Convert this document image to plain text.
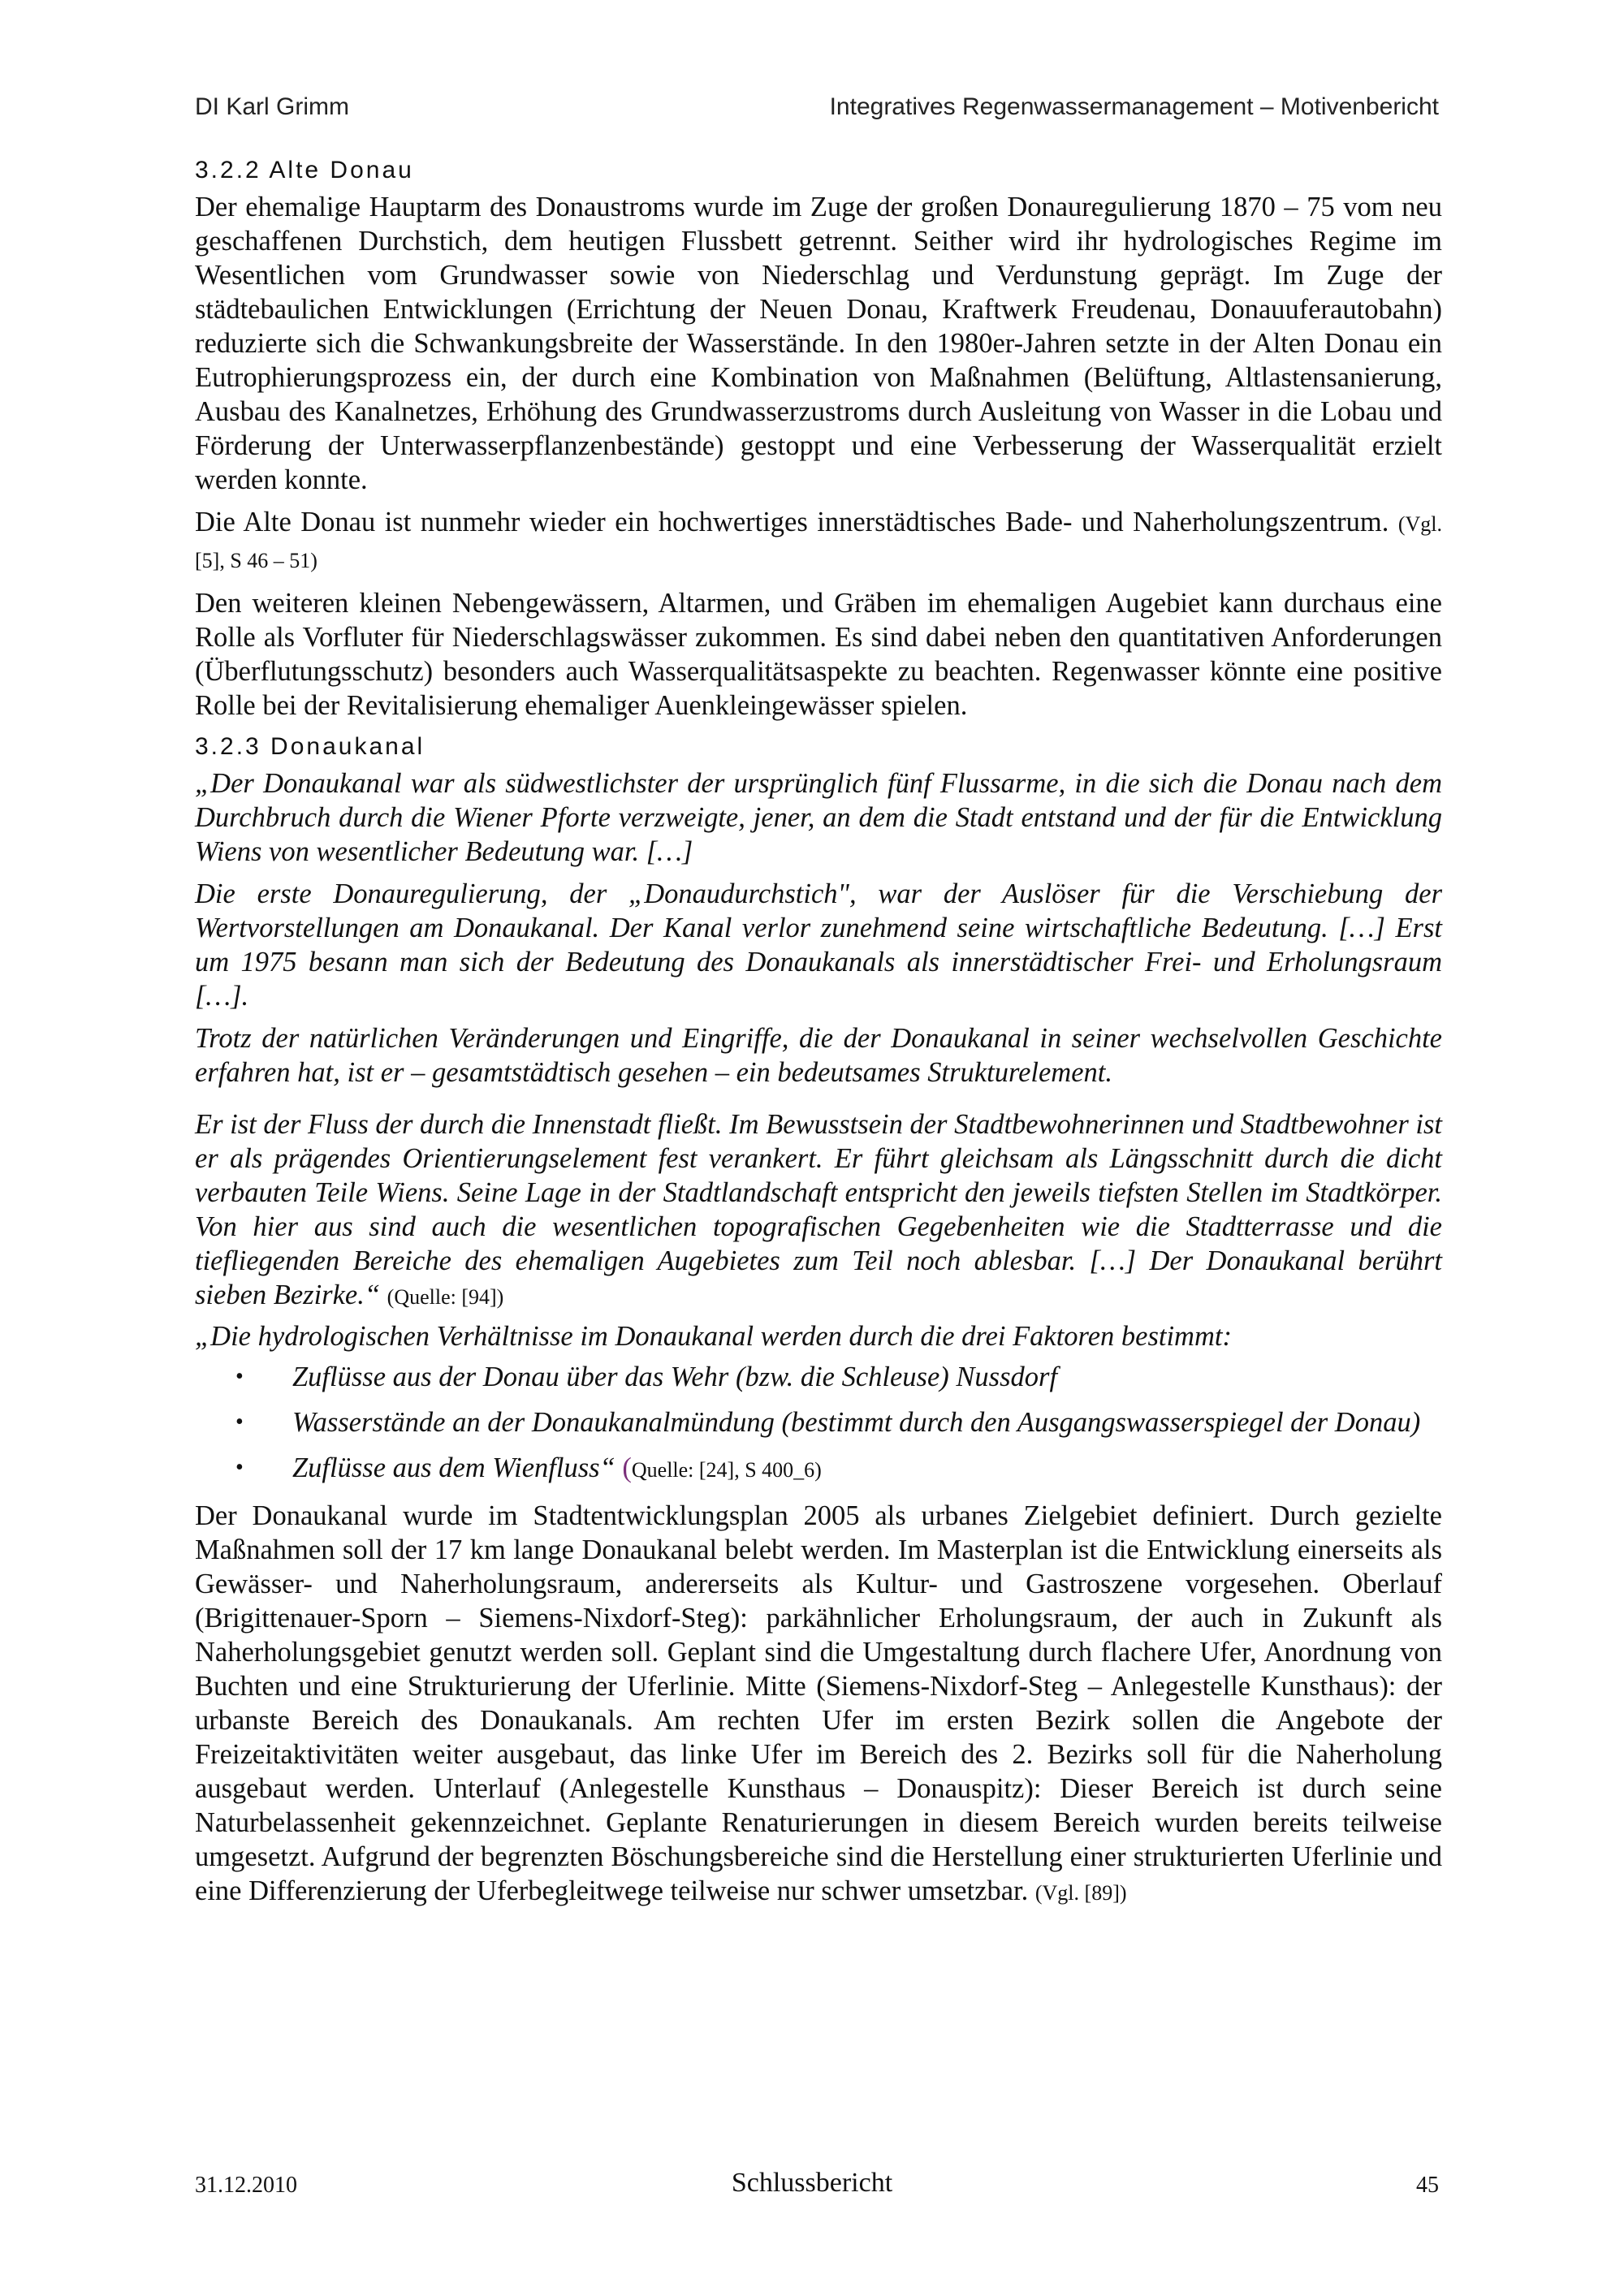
DI Karl Grimm	Integratives Regenwassermanagement – Motivenbericht
3.2.2 Alte Donau

Der ehemalige Hauptarm des Donaustroms wurde im Zuge der großen Donauregulierung 1870 – 75 vom neu geschaffenen Durchstich, dem heutigen Flussbett getrennt. Seither wird ihr hydrologisches Regime im Wesentlichen vom Grundwasser sowie von Niederschlag und Verdunstung geprägt. Im Zuge der städtebaulichen Entwicklungen (Errichtung der Neuen Donau, Kraftwerk Freudenau, Donauuferautobahn) reduzierte sich die Schwankungsbreite der Wasserstände. In den 1980er-Jahren setzte in der Alten Donau ein Eutrophierungsprozess ein, der durch eine Kombination von Maßnahmen (Belüftung, Altlastensanierung, Ausbau des Kanalnetzes, Erhöhung des Grundwasserzustroms durch Ausleitung von Wasser in die Lobau und Förderung der Unterwasserpflanzenbestände) gestoppt und eine Verbesserung der Wasserqualität erzielt werden konnte.

Die Alte Donau ist nunmehr wieder ein hochwertiges innerstädtisches Bade- und Naherholungszentrum. (Vgl. [5], S 46 – 51)

Den weiteren kleinen Nebengewässern, Altarmen, und Gräben im ehemaligen Augebiet kann durchaus eine Rolle als Vorfluter für Niederschlagswässer zukommen. Es sind dabei neben den quantitativen Anforderungen (Überflutungsschutz) besonders auch Wasserqualitätsaspekte zu beachten. Regenwasser könnte eine positive Rolle bei der Revitalisierung ehemaliger Auenkleingewässer spielen.

3.2.3 Donaukanal

„Der Donaukanal war als südwestlichster der ursprünglich fünf Flussarme, in die sich die Donau nach dem Durchbruch durch die Wiener Pforte verzweigte, jener, an dem die Stadt entstand und der für die Entwicklung Wiens von wesentlicher Bedeutung war. […]

Die erste Donauregulierung, der „Donaudurchstich", war der Auslöser für die Verschiebung der Wertvorstellungen am Donaukanal. Der Kanal verlor zunehmend seine wirtschaftliche Bedeutung. […] Erst um 1975 besann man sich der Bedeutung des Donaukanals als innerstädtischer Frei- und Erholungsraum […].

Trotz der natürlichen Veränderungen und Eingriffe, die der Donaukanal in seiner wechselvollen Geschichte erfahren hat, ist er – gesamtstädtisch gesehen – ein bedeutsames Strukturelement.

Er ist der Fluss der durch die Innenstadt fließt. Im Bewusstsein der Stadtbewohnerinnen und Stadtbewohner ist er als prägendes Orientierungselement fest verankert. Er führt gleichsam als Längsschnitt durch die dicht verbauten Teile Wiens. Seine Lage in der Stadtlandschaft entspricht den jeweils tiefsten Stellen im Stadtkörper. Von hier aus sind auch die wesentlichen topografischen Gegebenheiten wie die Stadtterrasse und die tiefliegenden Bereiche des ehemaligen Augebietes zum Teil noch ablesbar. […] Der Donaukanal berührt sieben Bezirke.“ (Quelle: [94])

„Die hydrologischen Verhältnisse im Donaukanal werden durch die drei Faktoren bestimmt:

• Zuflüsse aus der Donau über das Wehr (bzw. die Schleuse) Nussdorf
• Wasserstände an der Donaukanalmündung (bestimmt durch den Ausgangswasserspiegel der Donau)
• Zuflüsse aus dem Wienfluss“ (Quelle: [24], S 400_6)

Der Donaukanal wurde im Stadtentwicklungsplan 2005 als urbanes Zielgebiet definiert. Durch gezielte Maßnahmen soll der 17 km lange Donaukanal belebt werden. Im Masterplan ist die Entwicklung einerseits als Gewässer- und Naherholungsraum, andererseits als Kultur- und Gastroszene vorgesehen. Oberlauf (Brigittenauer-Sporn – Siemens-Nixdorf-Steg): parkähnlicher Erholungsraum, der auch in Zukunft als Naherholungsgebiet genutzt werden soll. Geplant sind die Umgestaltung durch flachere Ufer, Anordnung von Buchten und eine Strukturierung der Uferlinie. Mitte (Siemens-Nixdorf-Steg – Anlegestelle Kunsthaus): der urbanste Bereich des Donaukanals. Am rechten Ufer im ersten Bezirk sollen die Angebote der Freizeitaktivitäten weiter ausgebaut, das linke Ufer im Bereich des 2. Bezirks soll für die Naherholung ausgebaut werden. Unterlauf (Anlegestelle Kunsthaus – Donauspitz): Dieser Bereich ist durch seine Naturbelassenheit gekennzeichnet. Geplante Renaturierungen in diesem Bereich wurden bereits teilweise umgesetzt. Aufgrund der begrenzten Böschungsbereiche sind die Herstellung einer strukturierten Uferlinie und eine Differenzierung der Uferbegleitwege teilweise nur schwer umsetzbar. (Vgl. [89])

31.12.2010	Schlussbericht	45
